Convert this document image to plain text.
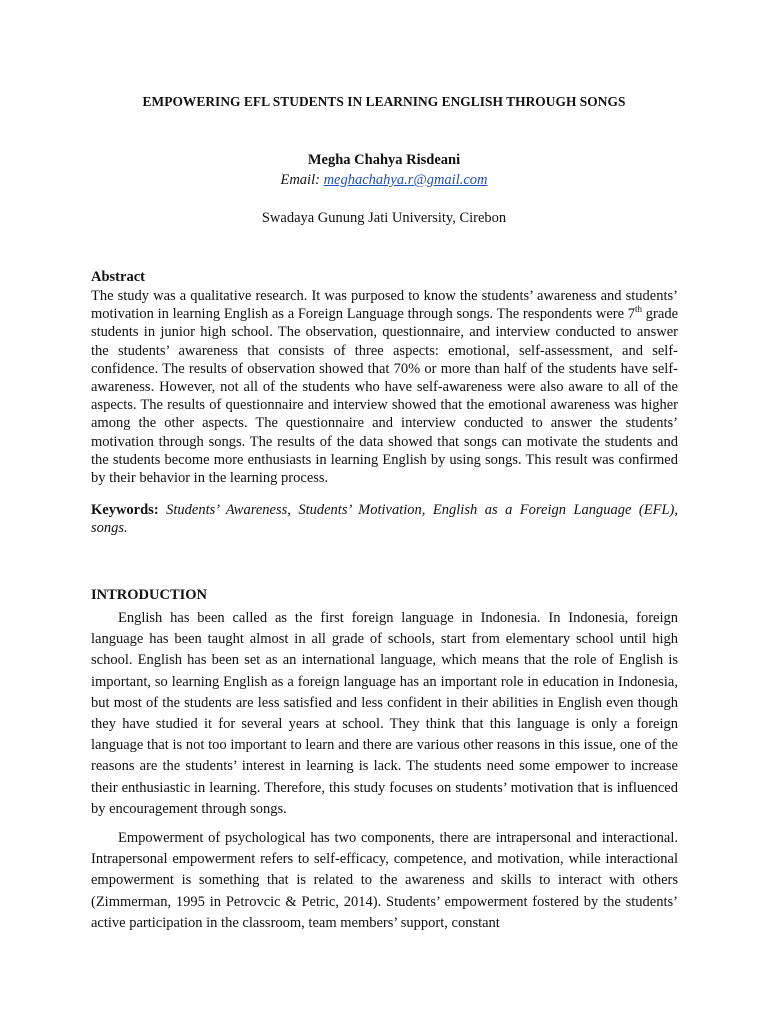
EMPOWERING EFL STUDENTS IN LEARNING ENGLISH THROUGH SONGS
Megha Chahya Risdeani
Email: meghachahya.r@gmail.com
Swadaya Gunung Jati University, Cirebon
Abstract

The study was a qualitative research. It was purposed to know the students’ awareness and students’ motivation in learning English as a Foreign Language through songs. The respondents were 7th grade students in junior high school. The observation, questionnaire, and interview conducted to answer the students’ awareness that consists of three aspects: emotional, self-assessment, and self-confidence. The results of observation showed that 70% or more than half of the students have self-awareness. However, not all of the students who have self-awareness were also aware to all of the aspects. The results of questionnaire and interview showed that the emotional awareness was higher among the other aspects. The questionnaire and interview conducted to answer the students’ motivation through songs. The results of the data showed that songs can motivate the students and the students become more enthusiasts in learning English by using songs. This result was confirmed by their behavior in the learning process.

Keywords: Students’ Awareness, Students’ Motivation, English as a Foreign Language (EFL), songs.

INTRODUCTION

English has been called as the first foreign language in Indonesia. In Indonesia, foreign language has been taught almost in all grade of schools, start from elementary school until high school. English has been set as an international language, which means that the role of English is important, so learning English as a foreign language has an important role in education in Indonesia, but most of the students are less satisfied and less confident in their abilities in English even though they have studied it for several years at school. They think that this language is only a foreign language that is not too important to learn and there are various other reasons in this issue, one of the reasons are the students’ interest in learning is lack. The students need some empower to increase their enthusiastic in learning. Therefore, this study focuses on students’ motivation that is influenced by encouragement through songs.

Empowerment of psychological has two components, there are intrapersonal and interactional. Intrapersonal empowerment refers to self-efficacy, competence, and motivation, while interactional empowerment is something that is related to the awareness and skills to interact with others (Zimmerman, 1995 in Petrovcic & Petric, 2014). Students’ empowerment fostered by the students’ active participation in the classroom, team members’ support, constant
